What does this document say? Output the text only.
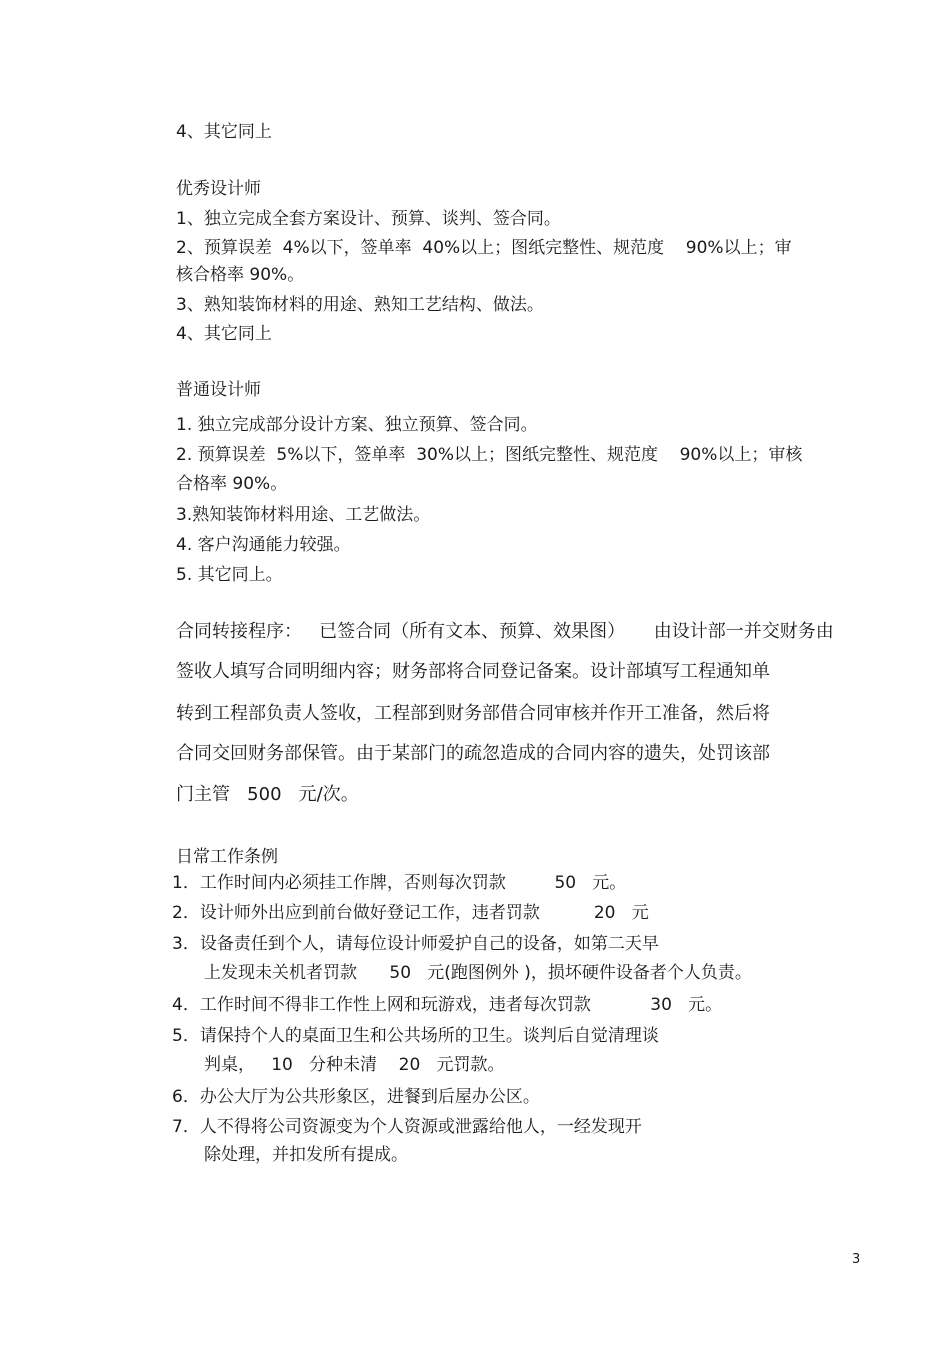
4、其它同上
优秀设计师
1、独立完成全套方案设计、预算、谈判、签合同。
2、预算误差  4%以下，签单率  40%以上；图纸完整性、规范度    90%以上；审
核合格率 90%。
3、熟知装饰材料的用途、熟知工艺结构、做法。
4、其它同上
普通设计师
1. 独立完成部分设计方案、独立预算、签合同。
2. 预算误差  5%以下，签单率  30%以上；图纸完整性、规范度    90%以上；审核
合格率 90%。
3.熟知装饰材料用途、工艺做法。
4. 客户沟通能力较强。
5. 其它同上。
合同转接程序：   已签合同（所有文本、预算、效果图）     由设计部一并交财务由
签收人填写合同明细内容；财务部将合同登记备案。设计部填写工程通知单
转到工程部负责人签收，工程部到财务部借合同审核并作开工准备，然后将
合同交回财务部保管。由于某部门的疏忽造成的合同内容的遗失，处罚该部
门主管   500   元/次。
日常工作条例
1．工作时间内必须挂工作牌，否则每次罚款         50   元。
2．设计师外出应到前台做好登记工作，违者罚款          20   元
3．设备责任到个人，请每位设计师爱护自己的设备，如第二天早
上发现未关机者罚款      50   元(跑图例外 )，损坏硬件设备者个人负责。
4．工作时间不得非工作性上网和玩游戏，违者每次罚款           30   元。
5．请保持个人的桌面卫生和公共场所的卫生。谈判后自觉清理谈
判桌，   10   分种未清    20   元罚款。
6．办公大厅为公共形象区，进餐到后屋办公区。
7．人不得将公司资源变为个人资源或泄露给他人，一经发现开
除处理，并扣发所有提成。
3
